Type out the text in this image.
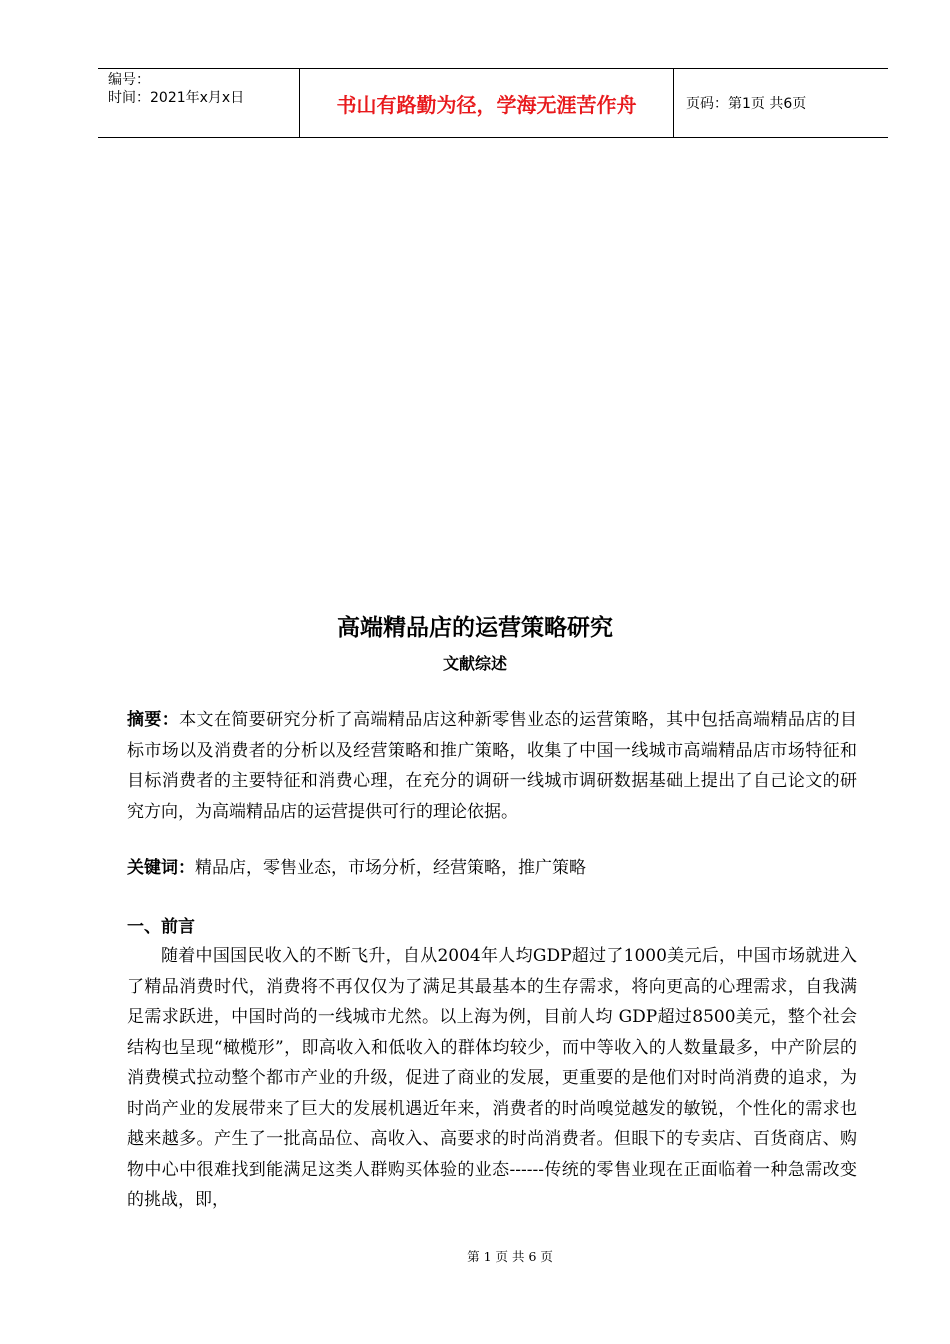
编号：
时间：2021年x月x日	书山有路勤为径，学海无涯苦作舟	页码：第1页 共6页
高端精品店的运营策略研究
文献综述
摘要：本文在简要研究分析了高端精品店这种新零售业态的运营策略，其中包括高端精品店的目标市场以及消费者的分析以及经营策略和推广策略，收集了中国一线城市高端精品店市场特征和目标消费者的主要特征和消费心理，在充分的调研一线城市调研数据基础上提出了自己论文的研究方向，为高端精品店的运营提供可行的理论依据。
关键词：精品店，零售业态，市场分析，经营策略，推广策略
一、前言
随着中国国民收入的不断飞升，自从2004年人均GDP超过了1000美元后，中国市场就进入了精品消费时代，消费将不再仅仅为了满足其最基本的生存需求，将向更高的心理需求，自我满足需求跃进，中国时尚的一线城市尤然。以上海为例，目前人均 GDP超过8500美元，整个社会结构也呈现“橄榄形”，即高收入和低收入的群体均较少，而中等收入的人数量最多，中产阶层的消费模式拉动整个都市产业的升级，促进了商业的发展，更重要的是他们对时尚消费的追求，为时尚产业的发展带来了巨大的发展机遇近年来，消费者的时尚嗅觉越发的敏锐，个性化的需求也越来越多。产生了一批高品位、高收入、高要求的时尚消费者。但眼下的专卖店、百货商店、购物中心中很难找到能满足这类人群购买体验的业态------传统的零售业现在正面临着一种急需改变的挑战，即，
第 1 页 共 6 页
